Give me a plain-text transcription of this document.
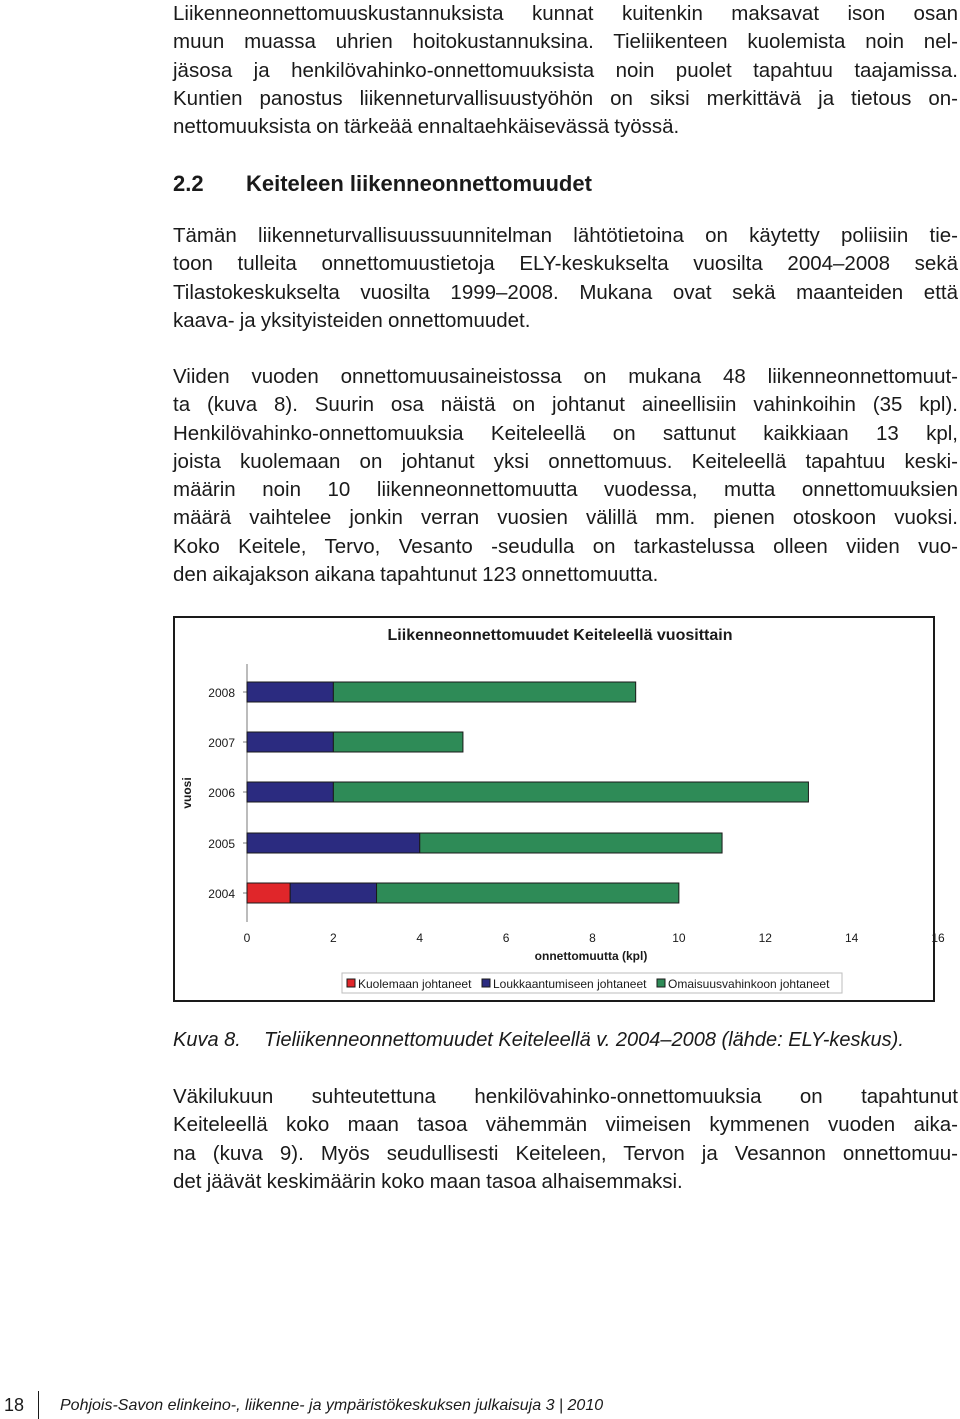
Liikenneonnettomuuskustannuksista kunnat kuitenkin maksavat ison osan
muun muassa uhrien hoitokustannuksina. Tieliikenteen kuolemista noin nel-
jäsosa ja henkilövahinko-onnettomuuksista noin puolet tapahtuu taajamissa.
Kuntien panostus liikenneturvallisuustyöhön on siksi merkittävä ja tietous on-
nettomuuksista on tärkeää ennaltaehkäisevässä työssä.
2.2 Keiteleen liikenneonnettomuudet
Tämän liikenneturvallisuussuunnitelman lähtötietoina on käytetty poliisiin tie-
toon tulleita onnettomuustietoja ELY-keskukselta vuosilta 2004–2008 sekä
Tilastokeskukselta vuosilta 1999–2008. Mukana ovat sekä maanteiden että
kaava- ja yksityisteiden onnettomuudet.
Viiden vuoden onnettomuusaineistossa on mukana 48 liikenneonnettomuut-
ta (kuva 8). Suurin osa näistä on johtanut aineellisiin vahinkoihin (35 kpl).
Henkilövahinko-onnettomuuksia Keiteleellä on sattunut kaikkiaan 13 kpl,
joista kuolemaan on johtanut yksi onnettomuus. Keiteleellä tapahtuu keski-
määrin noin 10 liikenneonnettomuutta vuodessa, mutta onnettomuuksien
määrä vaihtelee jonkin verran vuosien välillä mm. pienen otoskoon vuoksi.
Koko Keitele, Tervo, Vesanto -seudulla on tarkastelussa olleen viiden vuo-
den aikajakson aikana tapahtunut 123 onnettomuutta.
Liikenneonnettomuudet Keiteleellä vuosittain
2008
2007
2006
2005
2004
0	2	4	6	8	10	12	14	16
onnettomuutta (kpl)
vuosi
Kuolemaan johtaneet Loukkaantumiseen johtaneet Omaisuusvahinkoon johtaneet

Kuva 8. Tieliikenneonnettomuudet Keiteleellä v. 2004–2008 (lähde: ELY-keskus).

Väkilukuun suhteutettuna henkilövahinko-onnettomuuksia on tapahtunut
Keiteleellä koko maan tasoa vähemmän viimeisen kymmenen vuoden aika-
na (kuva 9). Myös seudullisesti Keiteleen, Tervon ja Vesannon onnettomuu-
det jäävät keskimäärin koko maan tasoa alhaisemmaksi.
18 Pohjois-Savon elinkeino-, liikenne- ja ympäristökeskuksen julkaisuja 3 | 2010
